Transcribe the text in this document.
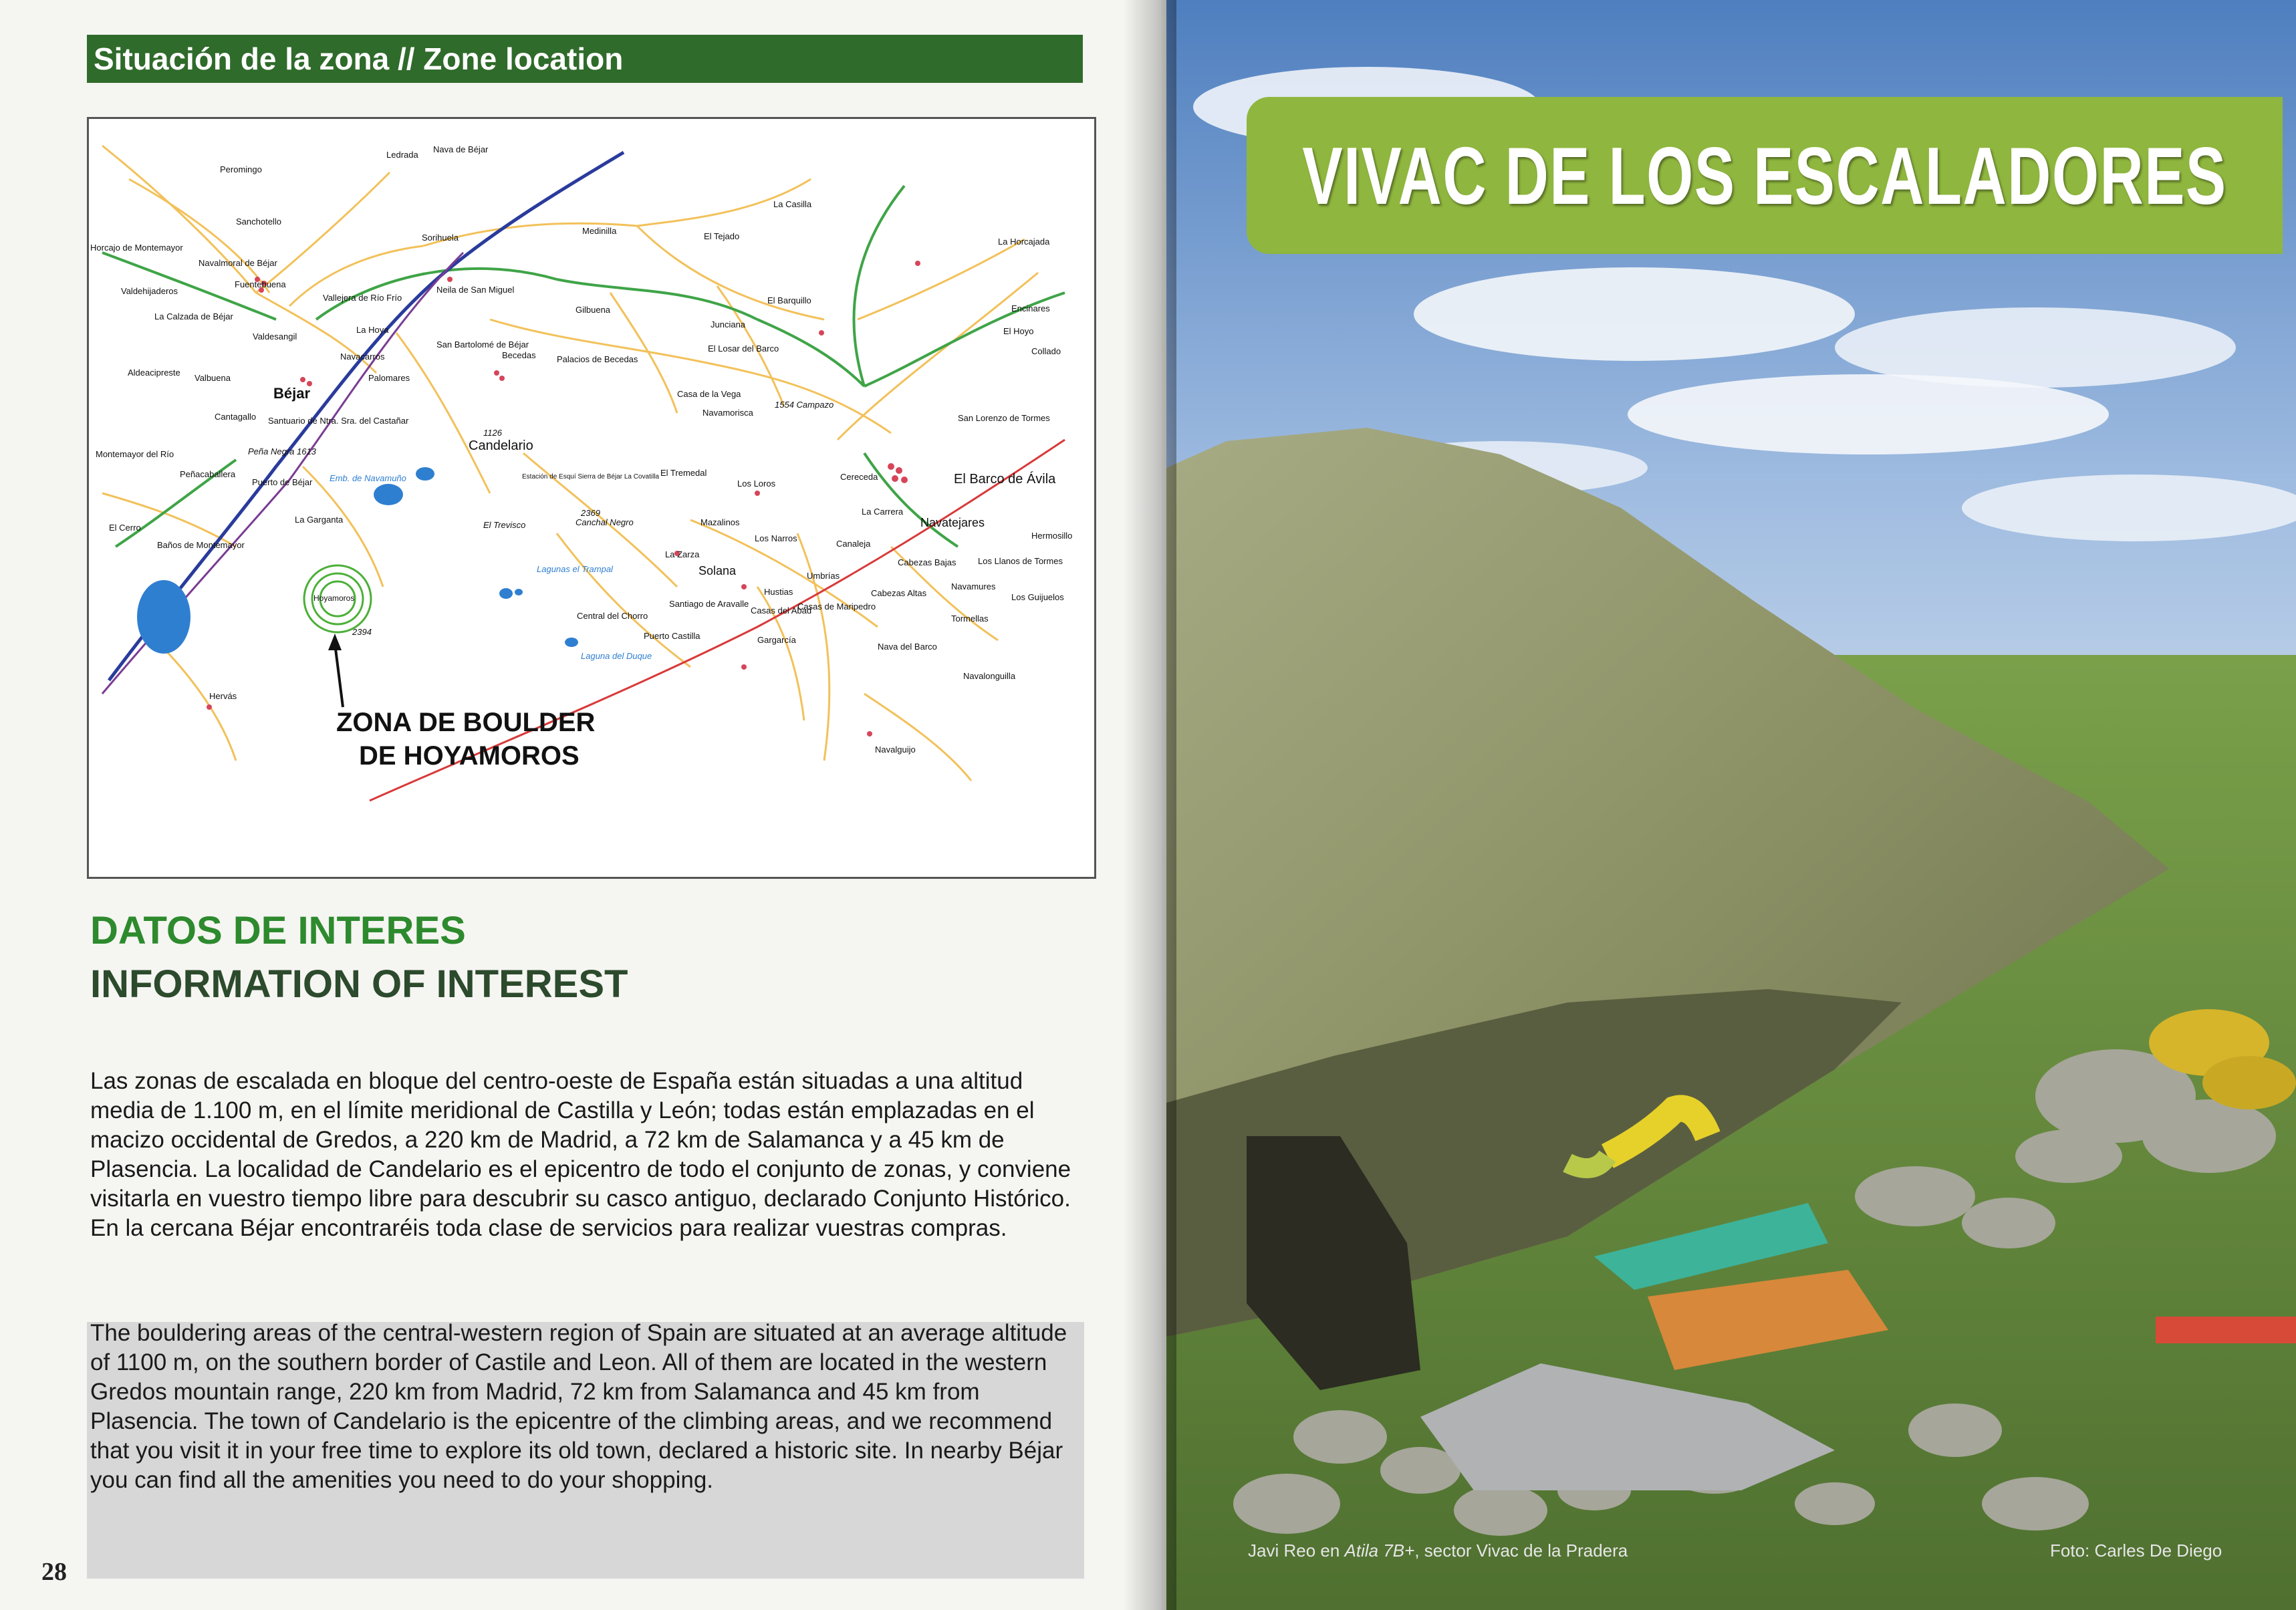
Situación de la zona // Zone location
Peromingo
Ledrada
Nava de Béjar
Horcajo de Montemayor
Sanchotello
Sorihuela
Medinilla
La Casilla
El Tejado
La Horcajada
Valdehijaderos
Navalmoral de Béjar
Fuentebuena
Neila de San Miguel
La Calzada de Béjar
Vallejera de Río Frío
Gilbuena
El Barquillo
Encinares
Valdesangil
La Hoya
Junciana
El Hoyo
San Bartolomé de Béjar
Becedas
El Losar del Barco	Collado
Aldeacipreste
Navacarros	Palacios de Becedas
Valbuena
Béjar
Palomares
Casa de la Vega
Navamorisca
San Lorenzo de Tormes
Cantagallo Santuario de Ntra. Sra. del Castañar
Candelario
Montemayor del Río
Peñacaballera
Puerto de Béjar
El Tremedal
Los Loros
Cereceda	El Barco de Ávila
La Carrera
Navatejares
Hermosillo
El Cerro
La Garganta
El Trevisco	Canchal Negro	Mazalinos
Los Narros
Canaleja
Baños de Montemayor
La Zarza
Solana	Umbrías
Cabezas Bajas	Los Llanos de Tormes
Navamures
Los Guijuelos
Hoyamoros
Hustias	Cabezas Altas
Santiago de Aravalle
Casas del Abad
Casas de Maripedro
Tormellas
Puerto Castilla	Gargarcía
Nava del Barco
Hervás
Navalonguilla
Navalguijo
Peña Negra 1613
1126
2369
2394
1554 Campazo
Emb. de Navamuño
Lagunas el Trampal
Laguna del Duque
Central del Chorro
Estación de Esquí Sierra de Béjar La Covatilla
ZONA DE BOULDER
DE HOYAMOROS
DATOS DE INTERES
INFORMATION OF INTEREST
Las zonas de escalada en bloque del centro-oeste de España están situadas a una altitud media de 1.100 m, en el límite meridional de Castilla y León; todas están emplazadas en el macizo occidental de Gredos, a 220 km de Madrid, a 72 km de Salamanca y a 45 km de Plasencia. La localidad de Candelario es el epicentro de todo el conjunto de zonas, y conviene visitarla en vuestro tiempo libre para descubrir su casco antiguo, declarado Conjunto Histórico. En la cercana Béjar encontraréis toda clase de servicios para realizar vuestras compras.
The bouldering areas of the central-western region of Spain are situated at an average altitude of 1100 m, on the southern border of Castile and Leon. All of them are located in the western Gredos mountain range, 220 km from Madrid, 72 km from Salamanca and 45 km from Plasencia. The town of Candelario is the epicentre of the climbing areas, and we recommend that you visit it in your free time to explore its old town, declared a historic site. In nearby Béjar you can find all the amenities you need to do your shopping.
28
VIVAC DE LOS ESCALADORES
Javi Reo en Atila 7B+, sector Vivac de la Pradera	Foto: Carles De Diego
